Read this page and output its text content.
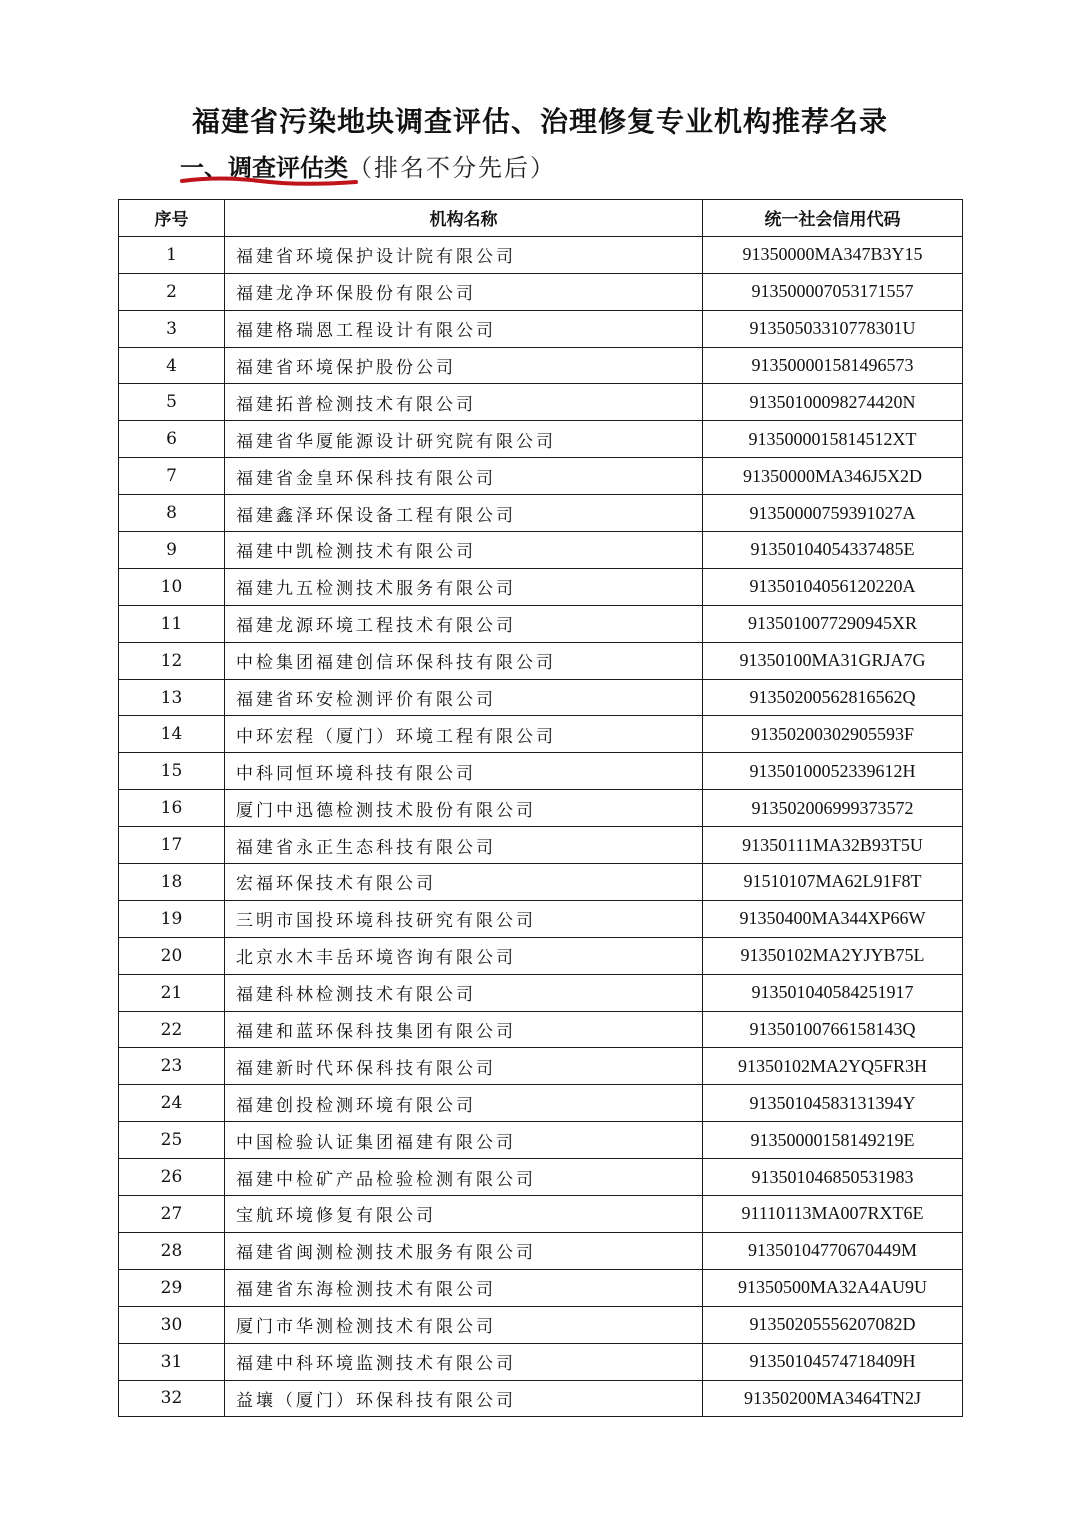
福建省污染地块调查评估、治理修复专业机构推荐名录
一、调查评估类（排名不分先后）
序号	机构名称	统一社会信用代码
1	福建省环境保护设计院有限公司	91350000MA347B3Y15
2	福建龙净环保股份有限公司	913500007053171557
3	福建格瑞恩工程设计有限公司	91350503310778301U
4	福建省环境保护股份公司	913500001581496573
5	福建拓普检测技术有限公司	91350100098274420N
6	福建省华厦能源设计研究院有限公司	9135000015814512XT
7	福建省金皇环保科技有限公司	91350000MA346J5X2D
8	福建鑫泽环保设备工程有限公司	91350000759391027A
9	福建中凯检测技术有限公司	91350104054337485E
10	福建九五检测技术服务有限公司	91350104056120220A
11	福建龙源环境工程技术有限公司	9135010077290945XR
12	中检集团福建创信环保科技有限公司	91350100MA31GRJA7G
13	福建省环安检测评价有限公司	91350200562816562Q
14	中环宏程（厦门）环境工程有限公司	91350200302905593F
15	中科同恒环境科技有限公司	91350100052339612H
16	厦门中迅德检测技术股份有限公司	913502006999373572
17	福建省永正生态科技有限公司	91350111MA32B93T5U
18	宏福环保技术有限公司	91510107MA62L91F8T
19	三明市国投环境科技研究有限公司	91350400MA344XP66W
20	北京水木丰岳环境咨询有限公司	91350102MA2YJYB75L
21	福建科林检测技术有限公司	913501040584251917
22	福建和蓝环保科技集团有限公司	91350100766158143Q
23	福建新时代环保科技有限公司	91350102MA2YQ5FR3H
24	福建创投检测环境有限公司	91350104583131394Y
25	中国检验认证集团福建有限公司	91350000158149219E
26	福建中检矿产品检验检测有限公司	913501046850531983
27	宝航环境修复有限公司	91110113MA007RXT6E
28	福建省闽测检测技术服务有限公司	91350104770670449M
29	福建省东海检测技术有限公司	91350500MA32A4AU9U
30	厦门市华测检测技术有限公司	91350205556207082D
31	福建中科环境监测技术有限公司	91350104574718409H
32	益壤（厦门）环保科技有限公司	91350200MA3464TN2J
